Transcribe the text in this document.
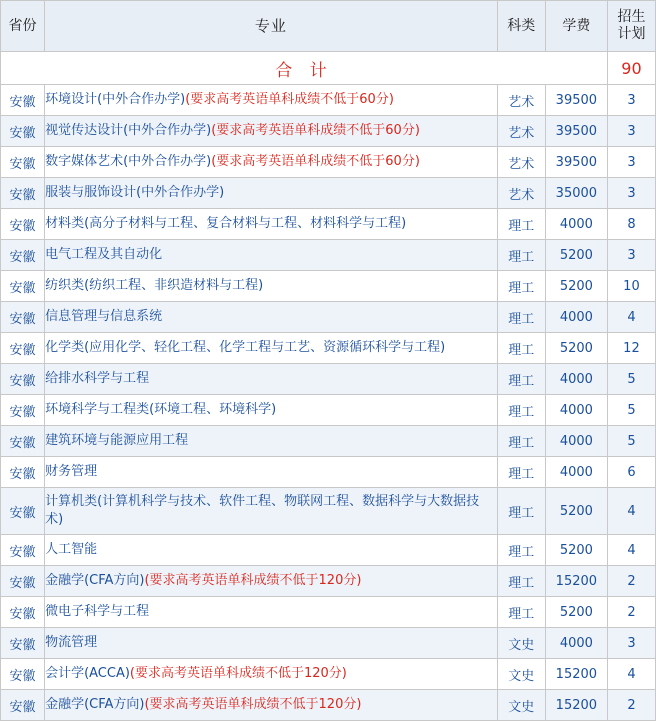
省份	专业	科类	学费	招生
计划

合 计				90
安徽	环境设计(中外合作办学)(要求高考英语单科成绩不低于60分)	艺术	39500	3
安徽	视觉传达设计(中外合作办学)(要求高考英语单科成绩不低于60分)	艺术	39500	3
安徽	数字媒体艺术(中外合作办学)(要求高考英语单科成绩不低于60分)	艺术	39500	3
安徽	服装与服饰设计(中外合作办学)	艺术	35000	3
安徽	材料类(高分子材料与工程、复合材料与工程、材料科学与工程)	理工	4000	8
安徽	电气工程及其自动化	理工	5200	3
安徽	纺织类(纺织工程、非织造材料与工程)	理工	5200	10
安徽	信息管理与信息系统	理工	4000	4
安徽	化学类(应用化学、轻化工程、化学工程与工艺、资源循环科学与工程)	理工	5200	12
安徽	给排水科学与工程	理工	4000	5
安徽	环境科学与工程类(环境工程、环境科学)	理工	4000	5
安徽	建筑环境与能源应用工程	理工	4000	5
安徽	财务管理	理工	4000	6
安徽	计算机类(计算机科学与技术、软件工程、物联网工程、数据科学与大数据技术)	理工	5200	4
安徽	人工智能	理工	5200	4
安徽	金融学(CFA方向)(要求高考英语单科成绩不低于120分)	理工	15200	2
安徽	微电子科学与工程	理工	5200	2
安徽	物流管理	文史	4000	3
安徽	会计学(ACCA)(要求高考英语单科成绩不低于120分)	文史	15200	4
安徽	金融学(CFA方向)(要求高考英语单科成绩不低于120分)	文史	15200	2
